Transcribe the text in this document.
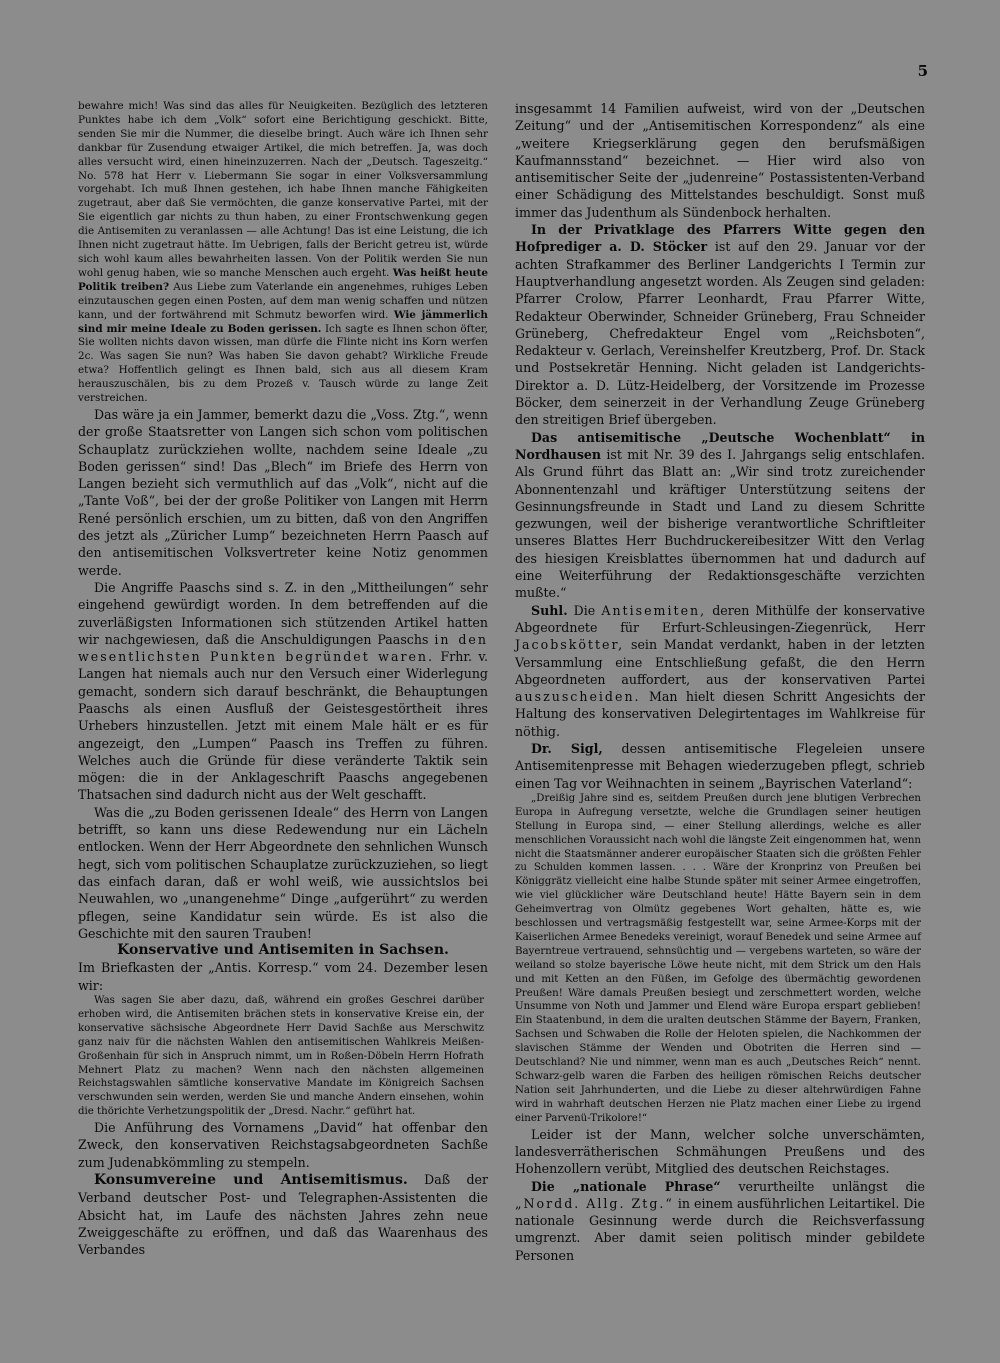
5

bewahre mich! Was sind das alles für Neuigkeiten. Bezüglich des letzteren Punktes habe ich dem „Volk“ sofort eine Berichtigung geschickt. Bitte, senden Sie mir die Nummer, die dieselbe bringt. Auch wäre ich Ihnen sehr dankbar für Zusendung etwaiger Artikel, die mich betreffen. Ja, was doch alles versucht wird, einen hineinzuzerren. Nach der „Deutsch. Tageszeitg.“ No. 578 hat Herr v. Liebermann Sie sogar in einer Volksversammlung vorgehabt. Ich muß Ihnen gestehen, ich habe Ihnen manche Fähigkeiten zugetraut, aber daß Sie vermöchten, die ganze konservative Partei, mit der Sie eigentlich gar nichts zu thun haben, zu einer Frontschwenkung gegen die Antisemiten zu veranlassen — alle Achtung! Das ist eine Leistung, die ich Ihnen nicht zugetraut hätte. Im Uebrigen, falls der Bericht getreu ist, würde sich wohl kaum alles bewahrheiten lassen. Von der Politik werden Sie nun wohl genug haben, wie so manche Menschen auch ergeht. Was heißt heute Politik treiben? Aus Liebe zum Vaterlande ein angenehmes, ruhiges Leben einzutauschen gegen einen Posten, auf dem man wenig schaffen und nützen kann, und der fortwährend mit Schmutz beworfen wird. Wie jämmerlich sind mir meine Ideale zu Boden gerissen. Ich sagte es Ihnen schon öfter, Sie wollten nichts davon wissen, man dürfe die Flinte nicht ins Korn werfen 2c. Was sagen Sie nun? Was haben Sie davon gehabt? Wirkliche Freude etwa? Hoffentlich gelingt es Ihnen bald, sich aus all diesem Kram herauszuschälen, bis zu dem Prozeß v. Tausch würde zu lange Zeit verstreichen.

Das wäre ja ein Jammer, bemerkt dazu die „Voss. Ztg.“, wenn der große Staatsretter von Langen sich schon vom politischen Schauplatz zurückziehen wollte, nachdem seine Ideale „zu Boden gerissen“ sind! Das „Blech“ im Briefe des Herrn von Langen bezieht sich vermuthlich auf das „Volk“, nicht auf die „Tante Voß“, bei der der große Politiker von Langen mit Herrn René persönlich erschien, um zu bitten, daß von den Angriffen des jetzt als „Züricher Lump“ bezeichneten Herrn Paasch auf den antisemitischen Volksvertreter keine Notiz genommen werde.

Die Angriffe Paaschs sind s. Z. in den „Mittheilungen“ sehr eingehend gewürdigt worden. In dem betreffenden auf die zuverläßigsten Informationen sich stützenden Artikel hatten wir nachgewiesen, daß die Anschuldigungen Paaschs in den wesentlichsten Punkten begründet waren. Frhr. v. Langen hat niemals auch nur den Versuch einer Widerlegung gemacht, sondern sich darauf beschränkt, die Behauptungen Paaschs als einen Ausfluß der Geistesgestörtheit ihres Urhebers hinzustellen. Jetzt mit einem Male hält er es für angezeigt, den „Lumpen“ Paasch ins Treffen zu führen. Welches auch die Gründe für diese veränderte Taktik sein mögen: die in der Anklageschrift Paaschs angegebenen Thatsachen sind dadurch nicht aus der Welt geschafft.

Was die „zu Boden gerissenen Ideale“ des Herrn von Langen betrifft, so kann uns diese Redewendung nur ein Lächeln entlocken. Wenn der Herr Abgeordnete den sehnlichen Wunsch hegt, sich vom politischen Schauplatze zurückzuziehen, so liegt das einfach daran, daß er wohl weiß, wie aussichtslos bei Neuwahlen, wo „unangenehme“ Dinge „aufgerührt“ zu werden pflegen, seine Kandidatur sein würde. Es ist also die Geschichte mit den sauren Trauben!

Konservative und Antisemiten in Sachsen.

Im Briefkasten der „Antis. Korresp.“ vom 24. Dezember lesen wir:

Was sagen Sie aber dazu, daß, während ein großes Geschrei darüber erhoben wird, die Antisemiten brächen stets in konservative Kreise ein, der konservative sächsische Abgeordnete Herr David Sachße aus Merschwitz ganz naiv für die nächsten Wahlen den antisemitischen Wahlkreis Meißen-Großenhain für sich in Anspruch nimmt, um in Roßen-Döbeln Herrn Hofrath Mehnert Platz zu machen? Wenn nach den nächsten allgemeinen Reichstagswahlen sämtliche konservative Mandate im Königreich Sachsen verschwunden sein werden, werden Sie und manche Andern einsehen, wohin die thörichte Verhetzungspolitik der „Dresd. Nachr.“ geführt hat.

Die Anführung des Vornamens „David“ hat offenbar den Zweck, den konservativen Reichstagsabgeordneten Sachße zum Judenabkömmling zu stempeln.

Konsumvereine und Antisemitismus. Daß der Verband deutscher Post- und Telegraphen-Assistenten die Absicht hat, im Laufe des nächsten Jahres zehn neue Zweiggeschäfte zu eröffnen, und daß das Waarenhaus des Verbandes

insgesammt 14 Familien aufweist, wird von der „Deutschen Zeitung“ und der „Antisemitischen Korrespondenz“ als eine „weitere Kriegserklärung gegen den berufsmäßigen Kaufmannsstand“ bezeichnet. — Hier wird also von antisemitischer Seite der „judenreine“ Postassistenten-Verband einer Schädigung des Mittelstandes beschuldigt. Sonst muß immer das Judenthum als Sündenbock herhalten.

In der Privatklage des Pfarrers Witte gegen den Hofprediger a. D. Stöcker ist auf den 29. Januar vor der achten Strafkammer des Berliner Landgerichts I Termin zur Hauptverhandlung angesetzt worden. Als Zeugen sind geladen: Pfarrer Crolow, Pfarrer Leonhardt, Frau Pfarrer Witte, Redakteur Oberwinder, Schneider Grüneberg, Frau Schneider Grüneberg, Chefredakteur Engel vom „Reichsboten“, Redakteur v. Gerlach, Vereinshelfer Kreutzberg, Prof. Dr. Stack und Postsekretär Henning. Nicht geladen ist Landgerichts-Direktor a. D. Lütz-Heidelberg, der Vorsitzende im Prozesse Böcker, dem seinerzeit in der Verhandlung Zeuge Grüneberg den streitigen Brief übergeben.

Das antisemitische „Deutsche Wochenblatt“ in Nordhausen ist mit Nr. 39 des I. Jahrgangs selig entschlafen. Als Grund führt das Blatt an: „Wir sind trotz zureichender Abonnentenzahl und kräftiger Unterstützung seitens der Gesinnungsfreunde in Stadt und Land zu diesem Schritte gezwungen, weil der bisherige verantwortliche Schriftleiter unseres Blattes Herr Buchdruckereibesitzer Witt den Verlag des hiesigen Kreisblattes übernommen hat und dadurch auf eine Weiterführung der Redaktionsgeschäfte verzichten mußte.“

Suhl. Die Antisemiten, deren Mithülfe der konservative Abgeordnete für Erfurt-Schleusingen-Ziegenrück, Herr Jacobskötter, sein Mandat verdankt, haben in der letzten Versammlung eine Entschließung gefaßt, die den Herrn Abgeordneten auffordert, aus der konservativen Partei auszuscheiden. Man hielt diesen Schritt Angesichts der Haltung des konservativen Delegirtentages im Wahlkreise für nöthig.

Dr. Sigl, dessen antisemitische Flegeleien unsere Antisemitenpresse mit Behagen wiederzugeben pflegt, schrieb einen Tag vor Weihnachten in seinem „Bayrischen Vaterland“:

„Dreißig Jahre sind es, seitdem Preußen durch jene blutigen Verbrechen Europa in Aufregung versetzte, welche die Grundlagen seiner heutigen Stellung in Europa sind, — einer Stellung allerdings, welche es aller menschlichen Voraussicht nach wohl die längste Zeit eingenommen hat, wenn nicht die Staatsmänner anderer europäischer Staaten sich die größten Fehler zu Schulden kommen lassen. . . . Wäre der Kronprinz von Preußen bei Königgrätz vielleicht eine halbe Stunde später mit seiner Armee eingetroffen, wie viel glücklicher wäre Deutschland heute! Hätte Bayern sein in dem Geheimvertrag von Olmütz gegebenes Wort gehalten, hätte es, wie beschlossen und vertragsmäßig festgestellt war, seine Armee-Korps mit der Kaiserlichen Armee Benedeks vereinigt, worauf Benedek und seine Armee auf Bayerntreue vertrauend, sehnsüchtig und — vergebens warteten, so wäre der weiland so stolze bayerische Löwe heute nicht, mit dem Strick um den Hals und mit Ketten an den Füßen, im Gefolge des übermächtig gewordenen Preußen! Wäre damals Preußen besiegt und zerschmettert worden, welche Unsumme von Noth und Jammer und Elend wäre Europa erspart geblieben! Ein Staatenbund, in dem die uralten deutschen Stämme der Bayern, Franken, Sachsen und Schwaben die Rolle der Heloten spielen, die Nachkommen der slavischen Stämme der Wenden und Obotriten die Herren sind — Deutschland? Nie und nimmer, wenn man es auch „Deutsches Reich“ nennt. Schwarz-gelb waren die Farben des heiligen römischen Reichs deutscher Nation seit Jahrhunderten, und die Liebe zu dieser altehrwürdigen Fahne wird in wahrhaft deutschen Herzen nie Platz machen einer Liebe zu irgend einer Parvenü-Trikolore!“

Leider ist der Mann, welcher solche unverschämten, landesverrätherischen Schmähungen Preußens und des Hohenzollern verübt, Mitglied des deutschen Reichstages.

Die „nationale Phrase“ verurtheilte unlängst die „Nordd. Allg. Ztg.“ in einem ausführlichen Leitartikel. Die nationale Gesinnung werde durch die Reichsverfassung umgrenzt. Aber damit seien politisch minder gebildete Personen
